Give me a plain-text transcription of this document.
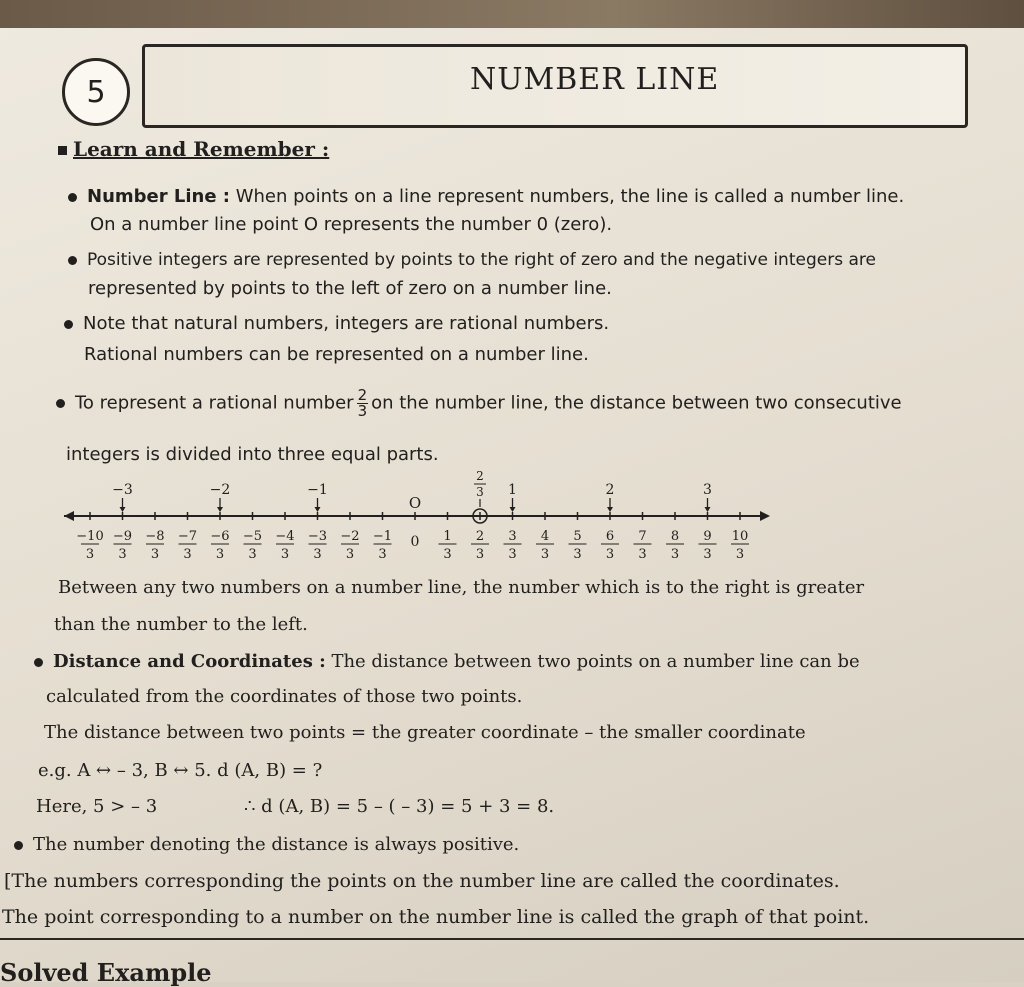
5	NUMBER LINE
Learn and Remember :
Number Line : When points on a line represent numbers, the line is called a number line.
On a number line point O represents the number 0 (zero).
Positive integers are represented by points to the right of zero and the negative integers are
represented by points to the left of zero on a number line.
Note that natural numbers, integers are rational numbers.
Rational numbers can be represented on a number line.
To represent a rational number $\frac{2}{3}$ on the number line, the distance between two consecutive
integers is divided into three equal parts.
−10
3
−9
3
−8
3
−7
3
−6
3
−5
3
−4
3
−3
3
−2
3
−1
3
0 1
3
2
3
3
3
4
3
5
3
6
3
7
3
8
3
9
3
10
3
−3	−2	−1
O
1	2	3
2
3
Between any two numbers on a number line, the number which is to the right is greater
than the number to the left.
Distance and Coordinates : The distance between two points on a number line can be
calculated from the coordinates of those two points.
The distance between two points = the greater coordinate – the smaller coordinate
e.g. A ↔ – 3, B ↔ 5. d (A, B) = ?
Here, 5 > – 3	∴ d (A, B) = 5 – ( – 3) = 5 + 3 = 8.
The number denoting the distance is always positive.
[The numbers corresponding the points on the number line are called the coordinates.
The point corresponding to a number on the number line is called the graph of that point.
Solved Example
